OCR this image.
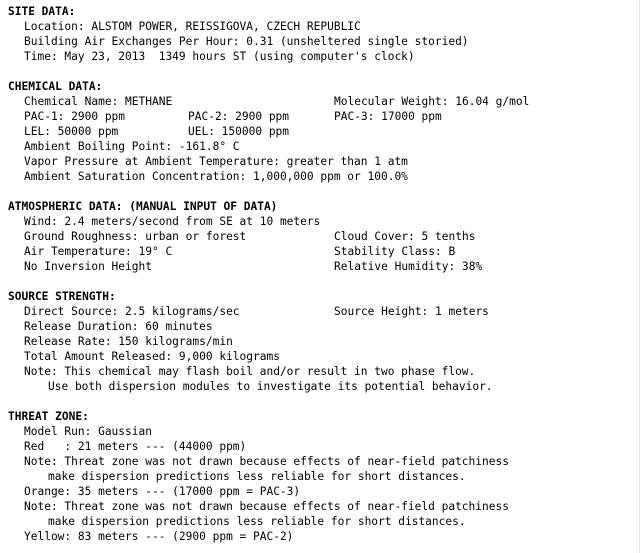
SITE DATA:
Location: ALSTOM POWER, REISSIGOVA, CZECH REPUBLIC
Building Air Exchanges Per Hour: 0.31 (unsheltered single storied)
Time: May 23, 2013  1349 hours ST (using computer's clock)
CHEMICAL DATA:
Chemical Name: METHANE	Molecular Weight: 16.04 g/mol
PAC-1: 2900 ppm	PAC-2: 2900 ppm	PAC-3: 17000 ppm
LEL: 50000 ppm	UEL: 150000 ppm
Ambient Boiling Point: -161.8° C
Vapor Pressure at Ambient Temperature: greater than 1 atm
Ambient Saturation Concentration: 1,000,000 ppm or 100.0%
ATMOSPHERIC DATA: (MANUAL INPUT OF DATA)
Wind: 2.4 meters/second from SE at 10 meters
Ground Roughness: urban or forest	Cloud Cover: 5 tenths
Air Temperature: 19° C	Stability Class: B
No Inversion Height	Relative Humidity: 38%
SOURCE STRENGTH:
Direct Source: 2.5 kilograms/sec	Source Height: 1 meters
Release Duration: 60 minutes
Release Rate: 150 kilograms/min
Total Amount Released: 9,000 kilograms
Note: This chemical may flash boil and/or result in two phase flow.
Use both dispersion modules to investigate its potential behavior.
THREAT ZONE:
Model Run: Gaussian
Red   : 21 meters --- (44000 ppm)
Note: Threat zone was not drawn because effects of near-field patchiness
make dispersion predictions less reliable for short distances.
Orange: 35 meters --- (17000 ppm = PAC-3)
Note: Threat zone was not drawn because effects of near-field patchiness
make dispersion predictions less reliable for short distances.
Yellow: 83 meters --- (2900 ppm = PAC-2)
